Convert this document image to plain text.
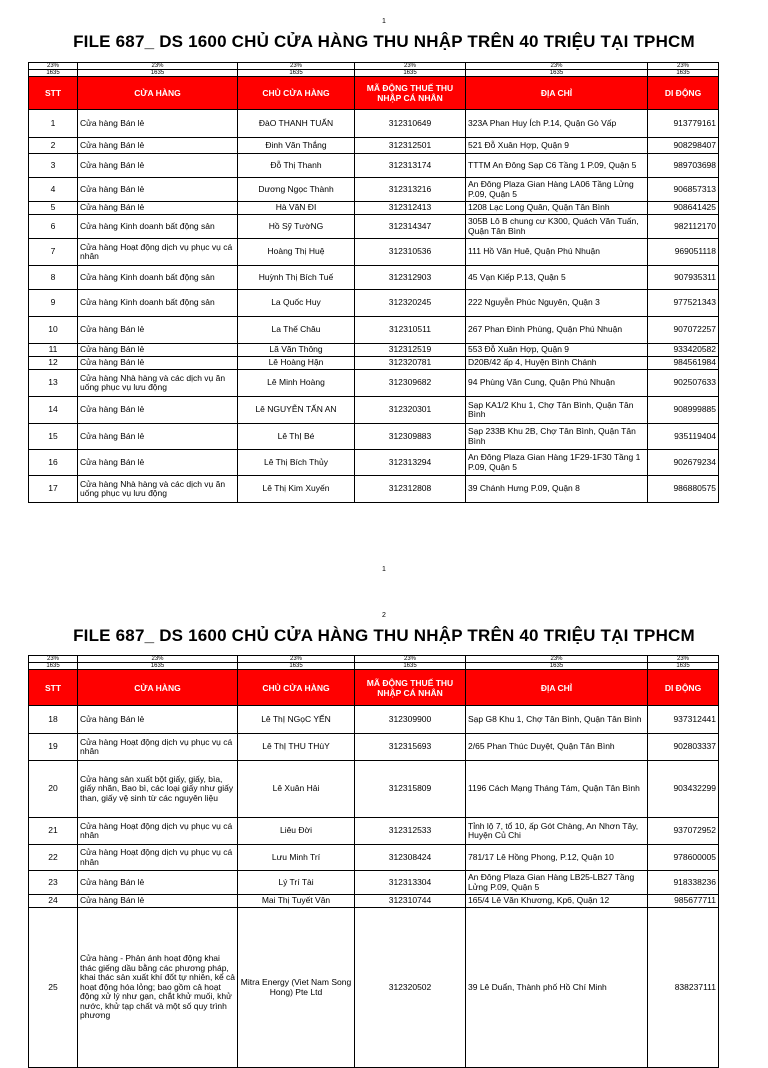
1
FILE 687_ DS 1600 CHỦ CỬA HÀNG THU NHẬP TRÊN 40 TRIỆU TẠI TPHCM
23%	23%	23%	23%	23%	23%
1635	1635	1635	1635	1635	1635
STT	CỬA HÀNG	CHỦ CỬA HÀNG	MÃ ĐỘNG THUẾ THU NHẬP CÁ NHÂN	ĐỊA CHỈ	DI ĐỘNG
1	Cửa hàng Bán lẻ	ĐàO THANH TUẤN	312310649	323A Phan Huy Ích P.14, Quận Gò Vấp	913779161
2	Cửa hàng Bán lẻ	Đinh Văn Thắng	312312501	521 Đỗ Xuân Hợp, Quận 9	908298407
3	Cửa hàng Bán lẻ	Đỗ Thị Thanh	312313174	TTTM An Đông Sạp C6 Tầng 1 P.09, Quận 5	989703698
4	Cửa hàng Bán lẻ	Dương Ngọc Thành	312313216	An Đông Plaza Gian Hàng LA06 Tầng Lửng P.09, Quận 5	906857313
5	Cửa hàng Bán lẻ	Hà VăN ĐI	312312413	1208 Lạc Long Quân, Quận Tân Bình	908641425
6	Cửa hàng Kinh doanh bất động sản	Hồ Sỹ TườNG	312314347	305B Lô B chung cư K300, Quách Văn Tuấn, Quận Tân Bình	982112170
7	Cửa hàng Hoạt động dịch vụ phục vụ cá nhân	Hoàng Thị Huệ	312310536	111 Hồ Văn Huê, Quận Phú Nhuận	969051118
8	Cửa hàng Kinh doanh bất động sản	Huỳnh Thị Bích Tuế	312312903	45 Vạn Kiếp P.13, Quận 5	907935311
9	Cửa hàng Kinh doanh bất động sản	La Quốc Huy	312320245	222 Nguyễn Phúc Nguyên, Quận 3	977521343
10	Cửa hàng Bán lẻ	La Thế Châu	312310511	267 Phan Đình Phùng, Quận Phú Nhuận	907072257
11	Cửa hàng Bán lẻ	Lã Văn Thông	312312519	553 Đỗ Xuân Hợp, Quận 9	933420582
12	Cửa hàng Bán lẻ	Lê Hoàng Hận	312320781	D20B/42 ấp 4, Huyện Bình Chánh	984561984
13	Cửa hàng Nhà hàng và các dịch vụ ăn uống phục vụ lưu động	Lê Minh Hoàng	312309682	94 Phùng Văn Cung, Quận Phú Nhuận	902507633
14	Cửa hàng Bán lẻ	Lê NGUYỄN TẤN AN	312320301	Sạp KA1/2 Khu 1, Chợ Tân Bình, Quận Tân Bình	908999885
15	Cửa hàng Bán lẻ	Lê ThỊ Bé	312309883	Sạp 233B Khu 2B, Chợ Tân Bình, Quận Tân Bình	935119404
16	Cửa hàng Bán lẻ	Lê Thị Bích Thủy	312313294	An Đông Plaza Gian Hàng 1F29-1F30 Tầng 1 P.09, Quận 5	902679234
17	Cửa hàng Nhà hàng và các dịch vụ ăn uống phục vụ lưu động	Lê Thị Kim Xuyến	312312808	39 Chánh Hưng P.09, Quận 8	986880575
1
2
FILE 687_ DS 1600 CHỦ CỬA HÀNG THU NHẬP TRÊN 40 TRIỆU TẠI TPHCM
23%	23%	23%	23%	23%	23%
1635	1635	1635	1635	1635	1635
STT	CỬA HÀNG	CHỦ CỬA HÀNG	MÃ ĐỘNG THUẾ THU NHẬP CÁ NHÂN	ĐỊA CHỈ	DI ĐỘNG
18	Cửa hàng Bán lẻ	Lê ThỊ NGọC YẾN	312309900	Sạp G8 Khu 1, Chợ Tân Bình, Quận Tân Bình	937312441
19	Cửa hàng Hoạt động dịch vụ phục vụ cá nhân	Lê ThỊ THU THùY	312315693	2/65 Phan Thúc Duyệt, Quận Tân Bình	902803337
20	Cửa hàng sản xuất bột giấy, giấy, bìa, giấy nhăn, Bao bì, các loại giấy như giấy than, giấy vệ sinh từ các nguyên liệu	Lê Xuân Hải	312315809	1196 Cách Mạng Tháng Tám, Quận Tân Bình	903432299
21	Cửa hàng Hoạt động dịch vụ phục vụ cá nhân	Liêu Đời	312312533	Tỉnh lộ 7, tổ 10, ấp Gót Chàng, An Nhơn Tây, Huyện Củ Chi	937072952
22	Cửa hàng Hoạt động dịch vụ phục vụ cá nhân	Lưu Minh Trí	312308424	781/17 Lê Hồng Phong, P.12, Quận 10	978600005
23	Cửa hàng Bán lẻ	Lý Trí Tài	312313304	An Đông Plaza Gian Hàng LB25-LB27 Tầng Lửng P.09, Quận 5	918338236
24	Cửa hàng Bán lẻ	Mai Thị Tuyết Vân	312310744	165/4 Lê Văn Khương, Kp6, Quận 12	985677711
25	Cửa hàng - Phản ánh hoạt động khai thác giếng dầu bằng các phương pháp, khai thác sản xuất khí đốt tự nhiên, kể cả hoạt động hóa lỏng; bao gồm cả hoạt động xử lý như gạn, chắt khử muối, khử nước, khử tạp chất và một số quy trình phương	Mitra Energy (Viet Nam Song Hong) Pte Ltd	312320502	39 Lê Duẩn, Thành phố Hồ Chí Minh	838237111
